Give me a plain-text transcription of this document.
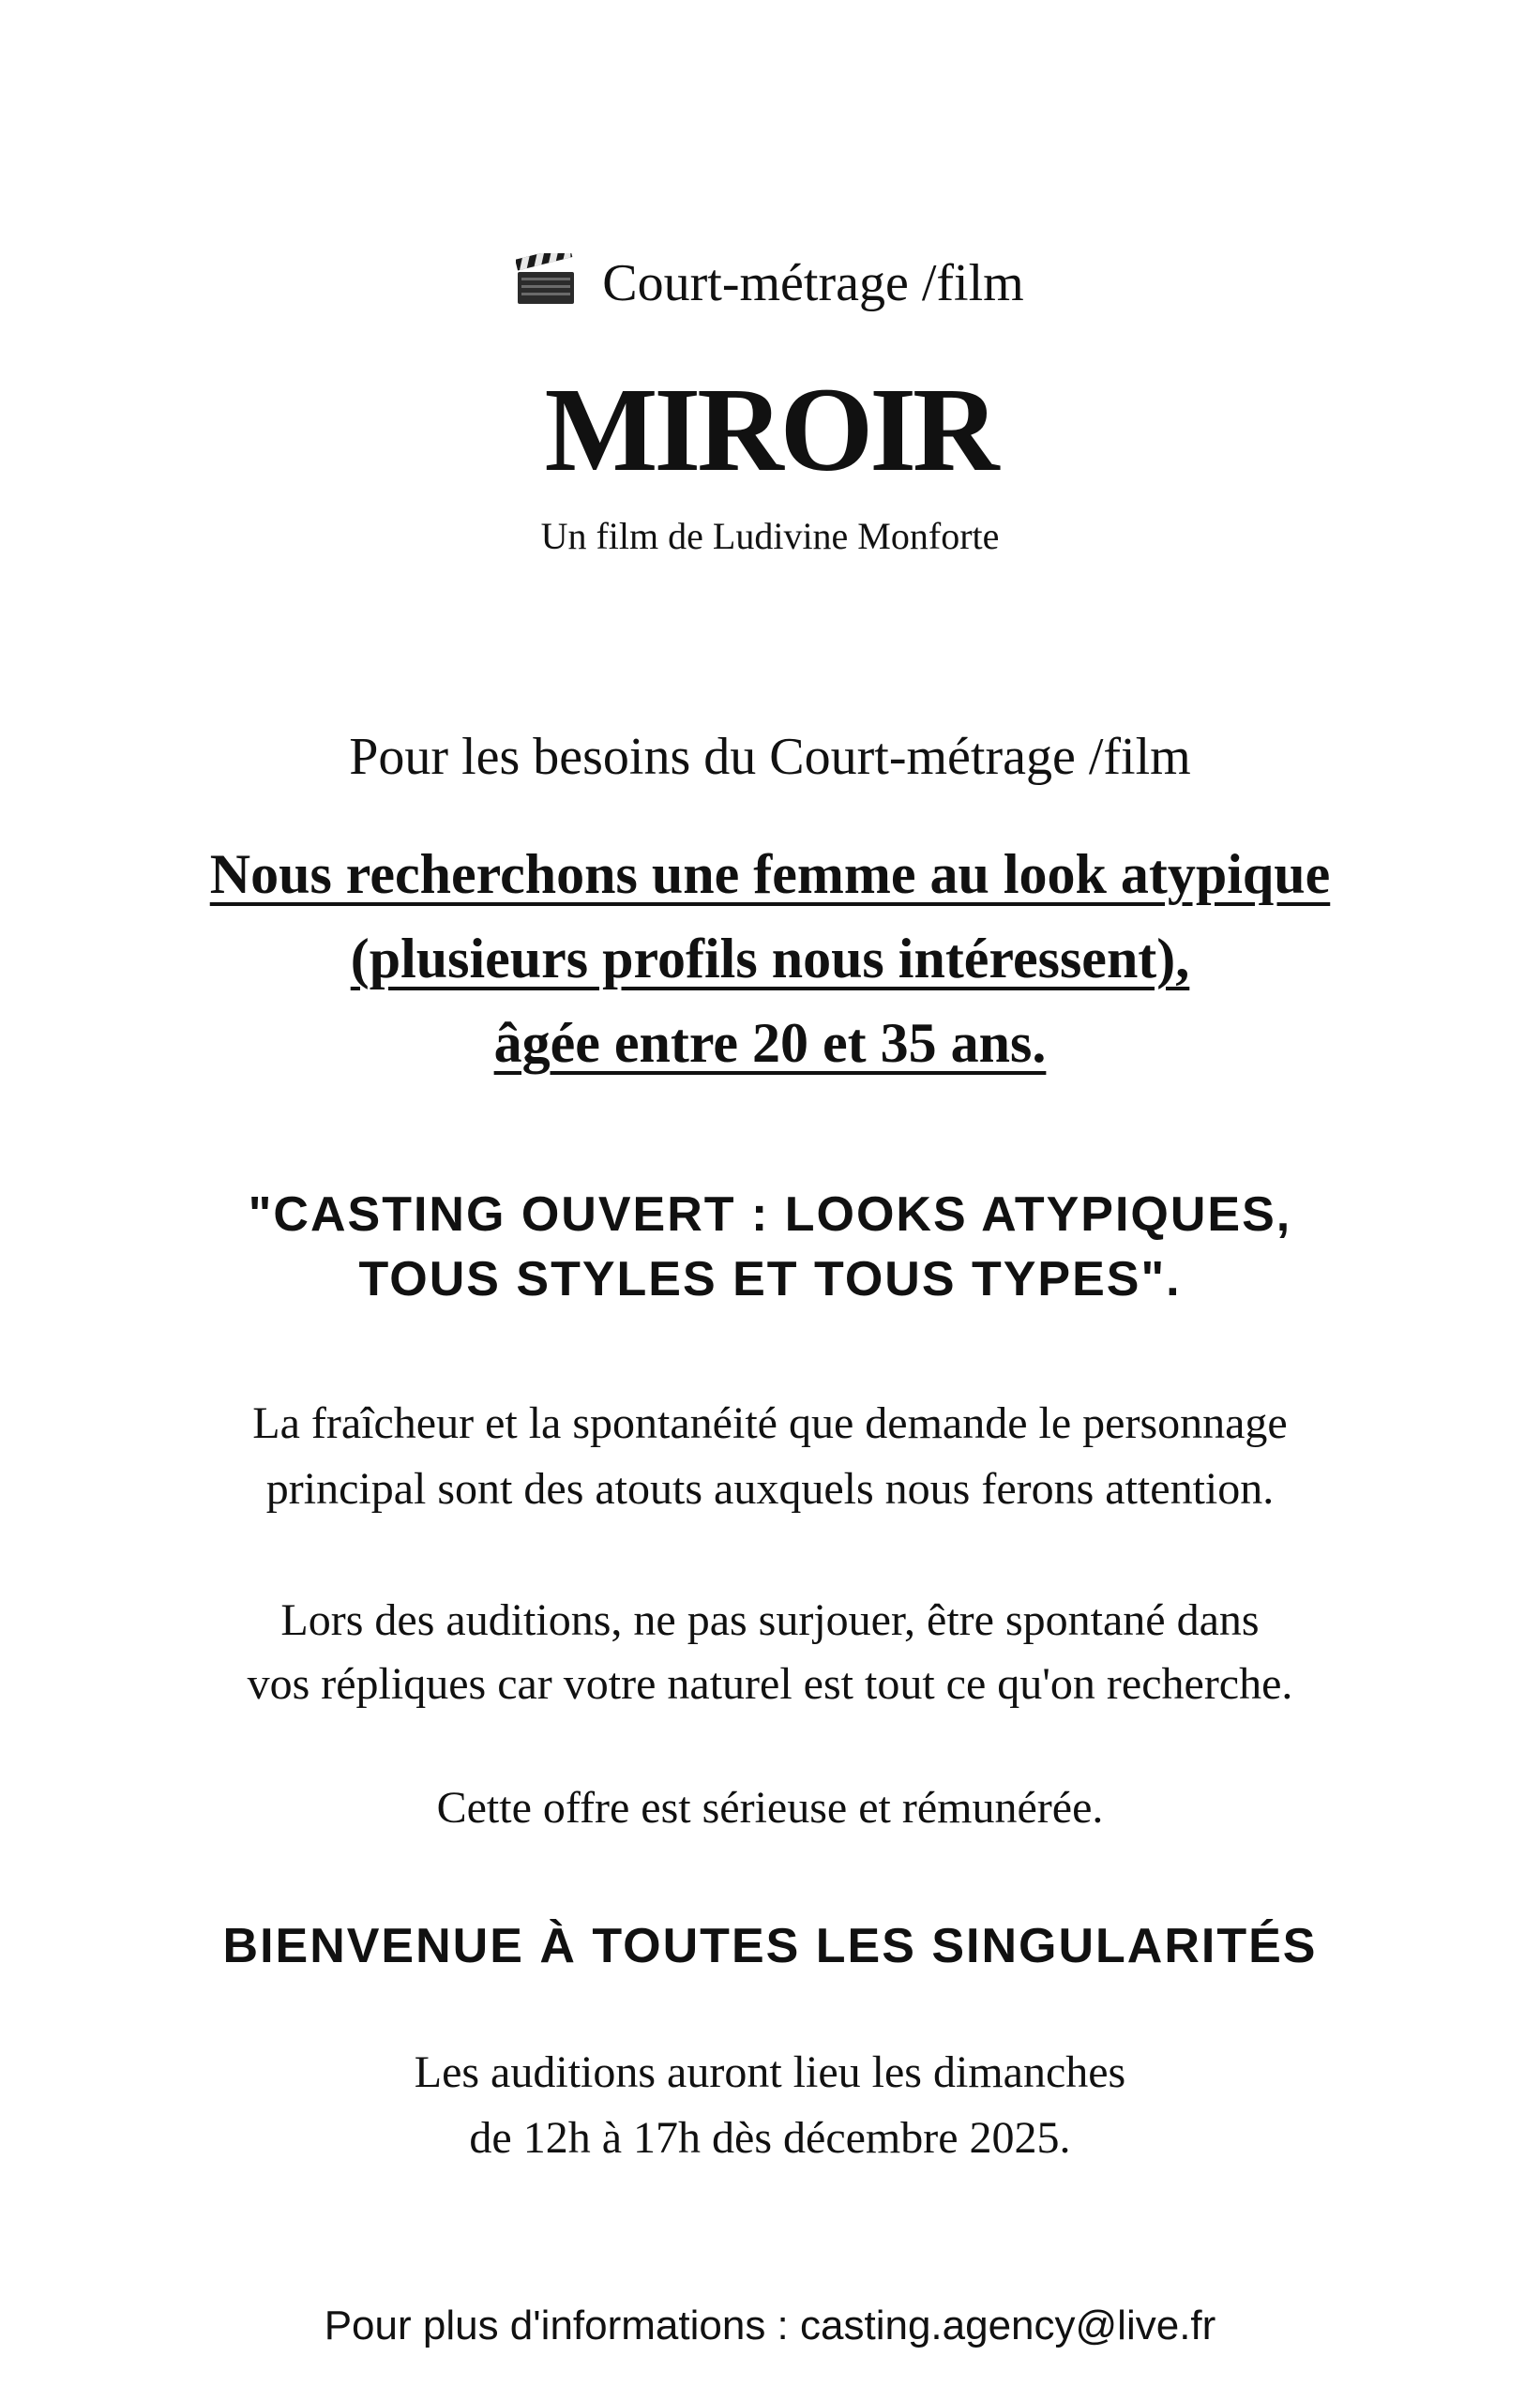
Court-métrage /film
MIROIR
Un film de Ludivine Monforte
Pour les besoins du Court-métrage /film
Nous recherchons une femme au look atypique
(plusieurs profils nous intéressent),
âgée entre 20 et 35 ans.
"CASTING OUVERT : LOOKS ATYPIQUES,
TOUS STYLES ET TOUS TYPES".
La fraîcheur et la spontanéité que demande le personnage
principal sont des atouts auxquels nous ferons attention.
Lors des auditions, ne pas surjouer, être spontané dans
vos répliques car votre naturel est tout ce qu'on recherche.
Cette offre est sérieuse et rémunérée.
BIENVENUE À TOUTES LES SINGULARITÉS
Les auditions auront lieu les dimanches
de 12h à 17h dès décembre 2025.
Pour plus d'informations : casting.agency@live.fr
